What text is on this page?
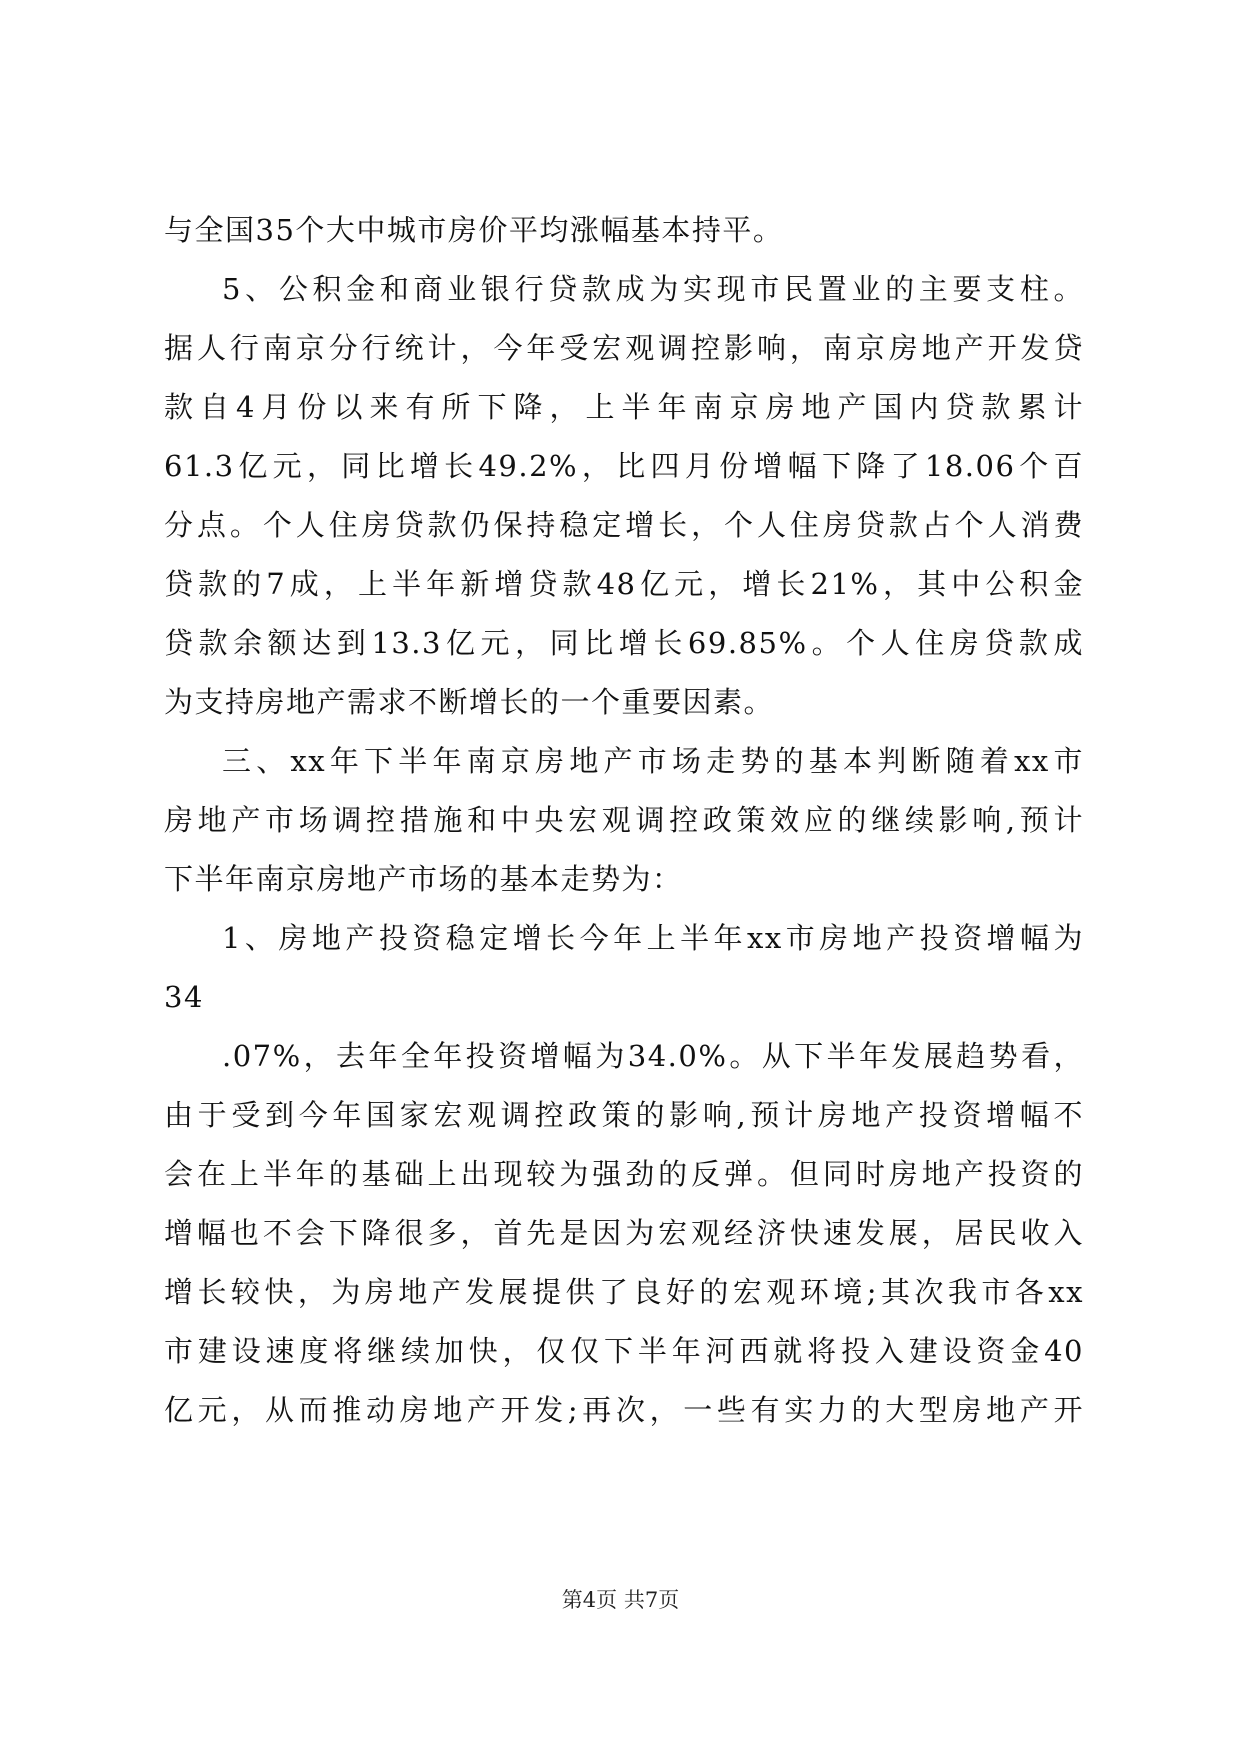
与全国35个大中城市房价平均涨幅基本持平。
5、公积金和商业银行贷款成为实现市民置业的主要支柱。
据人行南京分行统计，今年受宏观调控影响，南京房地产开发贷
款自4月份以来有所下降，上半年南京房地产国内贷款累计
61.3亿元，同比增长49.2%，比四月份增幅下降了18.06个百
分点。个人住房贷款仍保持稳定增长，个人住房贷款占个人消费
贷款的7成，上半年新增贷款48亿元，增长21%，其中公积金
贷款余额达到13.3亿元，同比增长69.85%。个人住房贷款成
为支持房地产需求不断增长的一个重要因素。
三、xx年下半年南京房地产市场走势的基本判断随着xx市
房地产市场调控措施和中央宏观调控政策效应的继续影响,预计
下半年南京房地产市场的基本走势为：
1、房地产投资稳定增长今年上半年xx市房地产投资增幅为
34
.07%，去年全年投资增幅为34.0%。从下半年发展趋势看，
由于受到今年国家宏观调控政策的影响,预计房地产投资增幅不
会在上半年的基础上出现较为强劲的反弹。但同时房地产投资的
增幅也不会下降很多，首先是因为宏观经济快速发展，居民收入
增长较快，为房地产发展提供了良好的宏观环境;其次我市各xx
市建设速度将继续加快，仅仅下半年河西就将投入建设资金40
亿元，从而推动房地产开发;再次，一些有实力的大型房地产开
第4页 共7页
